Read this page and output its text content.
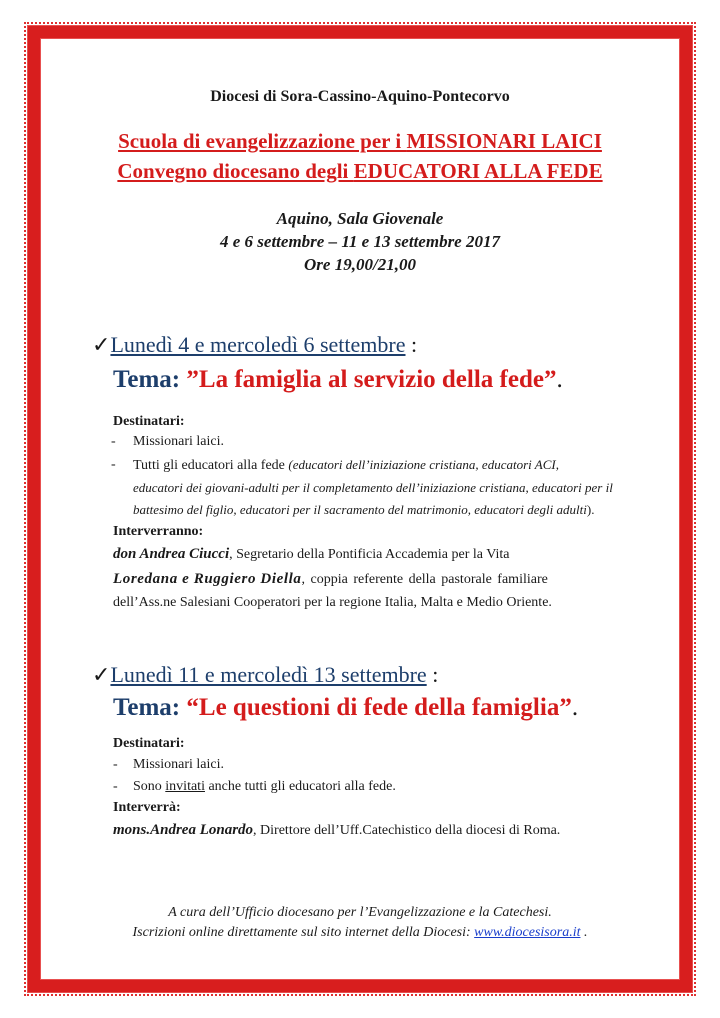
Diocesi di Sora-Cassino-Aquino-Pontecorvo
Scuola di evangelizzazione per i MISSIONARI LAICI
Convegno diocesano degli EDUCATORI ALLA FEDE
Aquino, Sala Giovenale
4 e 6 settembre – 11 e 13 settembre 2017
Ore 19,00/21,00
✓Lunedì 4 e mercoledì 6 settembre :
Tema: ”La famiglia al servizio della fede”.
Destinatari:
- Missionari laici.
- Tutti gli educatori alla fede (educatori dell’iniziazione cristiana, educatori ACI,
educatori dei giovani-adulti per il completamento dell’iniziazione cristiana, educatori per il
battesimo del figlio, educatori per il sacramento del matrimonio, educatori degli adulti).
Interverranno:
don Andrea Ciucci, Segretario della Pontificia Accademia per la Vita
Loredana e Ruggiero Diella, coppia referente della pastorale familiare
dell’Ass.ne Salesiani Cooperatori per la regione Italia, Malta e Medio Oriente.
✓Lunedì 11 e mercoledì 13 settembre :
Tema: “Le questioni di fede della famiglia”.
Destinatari:
- Missionari laici.
- Sono invitati anche tutti gli educatori alla fede.
Interverrà:
mons.Andrea Lonardo, Direttore dell’Uff.Catechistico della diocesi di Roma.
A cura dell’Ufficio diocesano per l’Evangelizzazione e la Catechesi.
Iscrizioni online direttamente sul sito internet della Diocesi: www.diocesisora.it .
